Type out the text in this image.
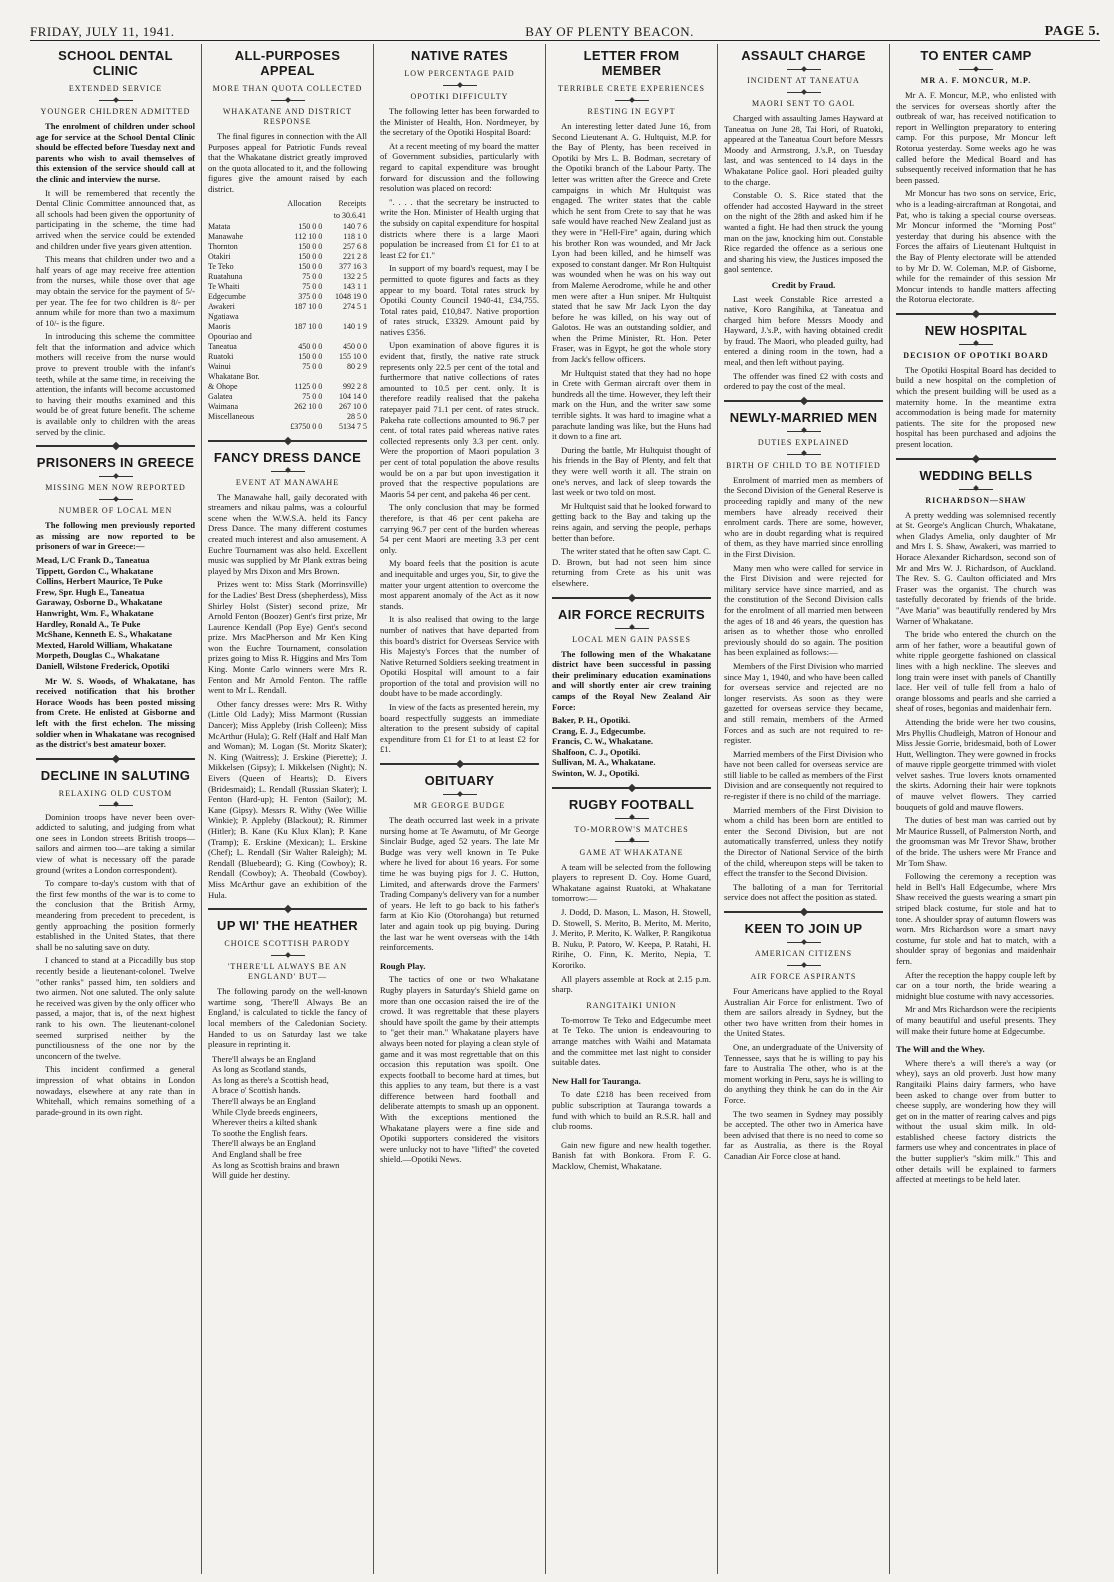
FRIDAY, JULY 11, 1941.	BAY OF PLENTY BEACON.	PAGE 5.
SCHOOL DENTAL CLINIC
EXTENDED SERVICE
YOUNGER CHILDREN ADMITTED

The enrolment of children under school age for service at the School Dental Clinic should be effected before Tuesday next and parents who wish to avail themselves of this extension of the service should call at the clinic and interview the nurse.

It will be remembered that recently the Dental Clinic Committee announced that, as all schools had been given the opportunity of participating in the scheme, the time had arrived when the service could be extended and children under five years given attention.

This means that children under two and a half years of age may receive free attention from the nurses, while those over that age may obtain the service for the payment of 5/- per year. The fee for two children is 8/- per annum while for more than two a maximum of 10/- is the figure.

In introducing this scheme the committee felt that the information and advice which mothers will receive from the nurse would prove to prevent trouble with the infant's teeth, while at the same time, in receiving the attention, the infants will become accustomed to having their mouths examined and this would be of great future benefit. The scheme is available only to children with the areas served by the clinic.

PRISONERS IN GREECE
MISSING MEN NOW REPORTED
NUMBER OF LOCAL MEN

The following men previously reported as missing are now reported to be prisoners of war in Greece:—

Mead, L/C Frank D., Taneatua
Tippett, Gordon C., Whakatane
Collins, Herbert Maurice, Te Puke
Frew, Spr. Hugh E., Taneatua
Garaway, Osborne D., Whakatane
Hanwright, Wm. F., Whakatane
Hardley, Ronald A., Te Puke
McShane, Kenneth E. S., Whakatane
Mexted, Harold William, Whakatane
Morpeth, Douglas C., Whakatane
Daniell, Wilstone Frederick, Opotiki

Mr W. S. Woods, of Whakatane, has received notification that his brother Horace Woods has been posted missing from Crete. He enlisted at Gisborne and left with the first echelon. The missing soldier when in Whakatane was recognised as the district's best amateur boxer.

DECLINE IN SALUTING
RELAXING OLD CUSTOM

Dominion troops have never been over-addicted to saluting, and judging from what one sees in London streets British troops—sailors and airmen too—are taking a similar view of what is necessary off the parade ground (writes a London correspondent).

To compare to-day's custom with that of the first few months of the war is to come to the conclusion that the British Army, meandering from precedent to precedent, is gently approaching the position formerly established in the United States, that there shall be no saluting save on duty.

I chanced to stand at a Piccadilly bus stop recently beside a lieutenant-colonel. Twelve "other ranks" passed him, ten soldiers and two airmen. Not one saluted. The only salute he received was given by the only officer who passed, a major, that is, of the next highest rank to his own. The lieutenant-colonel seemed surprised neither by the punctiliousness of the one nor by the unconcern of the twelve.

This incident confirmed a general impression of what obtains in London nowadays, elsewhere at any rate than in Whitehall, which remains something of a parade-ground in its own right.

ALL-PURPOSES APPEAL
MORE THAN QUOTA COLLECTED
WHAKATANE AND DISTRICT RESPONSE

The final figures in connection with the All Purposes appeal for Patriotic Funds reveal that the Whakatane district greatly improved on the quota allocated to it, and the following figures give the amount raised by each district.

	Allocation	Receipts
		to 30.6.41
Matata	150 0 0	140 7 6
Manawahe	112 10 0	118 1 0
Thornton	150 0 0	257 6 8
Otakiri	150 0 0	221 2 8
Te Teko	150 0 0	377 16 3
Ruatahuna	75 0 0	132 2 5
Te Whaiti	75 0 0	143 1 1
Edgecumbe	375 0 0	1048 19 0
Awakeri	187 10 0	274 5 1
Ngatiawa		
Maoris	187 10 0	140 1 9
Opouriao and		
Taneatua	450 0 0	450 0 0
Ruatoki	150 0 0	155 10 0
Wainui	75 0 0	80 2 9
Whakatane Bor.		
& Ohope	1125 0 0	992 2 8
Galatea	75 0 0	104 14 0
Waimana	262 10 0	267 10 0
Miscellaneous		28 5 0
	£3750 0 0	5134 7 5
FANCY DRESS DANCE
EVENT AT MANAWAHE

The Manawahe hall, gaily decorated with streamers and nikau palms, was a colourful scene when the W.W.S.A. held its Fancy Dress Dance. The many different costumes created much interest and also amusement. A Euchre Tournament was also held. Excellent music was supplied by Mr Plank extras being played by Mrs Dixon and Mrs Brown.

Prizes went to: Miss Stark (Morrinsville) for the Ladies' Best Dress (shepherdess), Miss Shirley Holst (Sister) second prize, Mr Arnold Fenton (Boozer) Gent's first prize, Mr Laurence Kendall (Pop Eye) Gent's second prize. Mrs MacPherson and Mr Ken King won the Euchre Tournament, consolation prizes going to Miss R. Higgins and Mrs Tom King. Monte Carlo winners were Mrs R. Fenton and Mr Arnold Fenton. The raffle went to Mr L. Rendall.

Other fancy dresses were: Mrs R. Withy (Little Old Lady); Miss Marmont (Russian Dancer); Miss Appleby (Irish Colleen); Miss McArthur (Hula); G. Relf (Half and Half Man and Woman); M. Logan (St. Moritz Skater); N. King (Waitress); J. Erskine (Pierette); J. Mikkelsen (Gipsy); I. Mikkelsen (Night); N. Eivers (Queen of Hearts); D. Eivers (Bridesmaid); L. Rendall (Russian Skater); I. Fenton (Hard-up); H. Fenton (Sailor); M. Kane (Gipsy). Messrs R. Withy (Wee Willie Winkie); P. Appleby (Blackout); R. Rimmer (Hitler); B. Kane (Ku Klux Klan); P. Kane (Tramp); E. Erskine (Mexican); L. Erskine (Chef); L. Rendall (Sir Walter Raleigh); M. Rendall (Bluebeard); G. King (Cowboy); R. Rendall (Cowboy); A. Theobald (Cowboy). Miss McArthur gave an exhibition of the Hula.

UP WI' THE HEATHER
CHOICE SCOTTISH PARODY
'THERE'LL ALWAYS BE AN ENGLAND' BUT—

The following parody on the well-known wartime song, 'There'll Always Be an England,' is calculated to tickle the fancy of local members of the Caledonian Society. Handed to us on Saturday last we take pleasure in reprinting it.

There'll always be an England
As long as Scotland stands,
As long as there's a Scottish head,
A brace o' Scottish hands.
There'll always be an England
While Clyde breeds engineers,
Wherever theirs a kilted shank
To soothe the English fears.
There'll always be an England
And England shall be free
As long as Scottish brains and brawn
Will guide her destiny.
NATIVE RATES
LOW PERCENTAGE PAID
OPOTIKI DIFFICULTY

The following letter has been forwarded to the Minister of Health, Hon. Nordmeyer, by the secretary of the Opotiki Hospital Board:

At a recent meeting of my board the matter of Government subsidies, particularly with regard to capital expenditure was brought forward for discussion and the following resolution was placed on record:

". . . . that the secretary be instructed to write the Hon. Minister of Health urging that the subsidy on capital expenditure for hospital districts where there is a large Maori population be increased from £1 for £1 to at least £2 for £1."

In support of my board's request, may I be permitted to quote figures and facts as they appear to my board. Total rates struck by Opotiki County Council 1940-41, £34,755. Total rates paid, £10,847. Native proportion of rates struck, £3329. Amount paid by natives £356.

Upon examination of above figures it is evident that, firstly, the native rate struck represents only 22.5 per cent of the total and furthermore that native collections of rates amounted to 10.5 per cent. only. It is therefore readily realised that the pakeha ratepayer paid 71.1 per cent. of rates struck. Pakeha rate collections amounted to 96.7 per cent. of total rates paid whereas native rates collected represents only 3.3 per cent. only. Were the proportion of Maori population 3 per cent of total population the above results would be on a par but upon investigation it proved that the respective populations are Maoris 54 per cent, and pakeha 46 per cent.

The only conclusion that may be formed therefore, is that 46 per cent pakeha are carrying 96.7 per cent of the burden whereas 54 per cent Maori are meeting 3.3 per cent only.

My board feels that the position is acute and inequitable and urges you, Sir, to give the matter your urgent attention to overcome the most apparent anomaly of the Act as it now stands.

It is also realised that owing to the large number of natives that have departed from this board's district for Overseas Service with His Majesty's Forces that the number of Native Returned Soldiers seeking treatment in Opotiki Hospital will amount to a fair proportion of the total and provision will no doubt have to be made accordingly.

In view of the facts as presented herein, my board respectfully suggests an immediate alteration to the present subsidy of capital expenditure from £1 for £1 to at least £2 for £1.

OBITUARY
MR GEORGE BUDGE

The death occurred last week in a private nursing home at Te Awamutu, of Mr George Sinclair Budge, aged 52 years. The late Mr Budge was very well known in Te Puke where he lived for about 16 years. For some time he was buying pigs for J. C. Hutton, Limited, and afterwards drove the Farmers' Trading Company's delivery van for a number of years. He left to go back to his father's farm at Kio Kio (Otorohanga) but returned later and again took up pig buying. During the last war he went overseas with the 14th reinforcements.

Rough Play.

The tactics of one or two Whakatane Rugby players in Saturday's Shield game on more than one occasion raised the ire of the crowd. It was regrettable that these players should have spoilt the game by their attempts to "get their man." Whakatane players have always been noted for playing a clean style of game and it was most regrettable that on this occasion this reputation was spoilt. One expects football to become hard at times, but this applies to any team, but there is a vast difference between hard football and deliberate attempts to smash up an opponent. With the exceptions mentioned the Whakatane players were a fine side and Opotiki supporters considered the visitors were unlucky not to have "lifted" the coveted shield.—Opotiki News.

LETTER FROM MEMBER
TERRIBLE CRETE EXPERIENCES
RESTING IN EGYPT

An interesting letter dated June 16, from Second Lieutenant A. G. Hultquist, M.P. for the Bay of Plenty, has been received in Opotiki by Mrs L. B. Bodman, secretary of the Opotiki branch of the Labour Party. The letter was written after the Greece and Crete campaigns in which Mr Hultquist was engaged. The writer states that the cable which he sent from Crete to say that he was safe would have reached New Zealand just as they were in "Hell-Fire" again, during which his brother Ron was wounded, and Mr Jack Lyon had been killed, and he himself was exposed to constant danger. Mr Ron Hultquist was wounded when he was on his way out from Maleme Aerodrome, while he and other men were after a Hun sniper. Mr Hultquist stated that he saw Mr Jack Lyon the day before he was killed, on his way out of Galotos. He was an outstanding soldier, and when the Prime Minister, Rt. Hon. Peter Fraser, was in Egypt, he got the whole story from Jack's fellow officers.

Mr Hultquist stated that they had no hope in Crete with German aircraft over them in hundreds all the time. However, they left their mark on the Hun, and the writer saw some terrible sights. It was hard to imagine what a parachute landing was like, but the Huns had it down to a fine art.

During the battle, Mr Hultquist thought of his friends in the Bay of Plenty, and felt that they were well worth it all. The strain on one's nerves, and lack of sleep towards the last week or two told on most.

Mr Hultquist said that he looked forward to getting back to the Bay and taking up the reins again, and serving the people, perhaps better than before.

The writer stated that he often saw Capt. C. D. Brown, but had not seen him since returning from Crete as his unit was elsewhere.

AIR FORCE RECRUITS
LOCAL MEN GAIN PASSES

The following men of the Whakatane district have been successful in passing their preliminary education examinations and will shortly enter air crew training camps of the Royal New Zealand Air Force:

Baker, P. H., Opotiki.
Crang, E. J., Edgecumbe.
Francis, C. W., Whakatane.
Shalfoon, C. J., Opotiki.
Sullivan, M. A., Whakatane.
Swinton, W. J., Opotiki.
RUGBY FOOTBALL
TO-MORROW'S MATCHES
GAME AT WHAKATANE

A team will be selected from the following players to represent D. Coy. Home Guard, Whakatane against Ruatoki, at Whakatane tomorrow:—

J. Dodd, D. Mason, L. Mason, H. Stowell, D. Stowell, S. Merito, B. Merito, M. Merito, J. Merito, P. Merito, K. Walker, P. Rangikotua B. Nuku, P. Patoro, W. Keepa, P. Ratahi, H. Ririhe, O. Finn, K. Merito, Nepia, T. Kororiko.

All players assemble at Rock at 2.15 p.m. sharp.

RANGITAIKI UNION

To-morrow Te Teko and Edgecumbe meet at Te Teko. The union is endeavouring to arrange matches with Waihi and Matamata and the committee met last night to consider suitable dates.

New Hall for Tauranga.

To date £218 has been received from public subscription at Tauranga towards a fund with which to build an R.S.R. hall and club rooms.

Gain new figure and new health together. Banish fat with Bonkora. From F. G. Macklow, Chemist, Whakatane.

ASSAULT CHARGE
INCIDENT AT TANEATUA
MAORI SENT TO GAOL

Charged with assaulting James Hayward at Taneatua on June 28, Tai Hori, of Ruatoki, appeared at the Taneatua Court before Messrs Moody and Armstrong, J.'s.P., on Tuesday last, and was sentenced to 14 days in the Whakatane Police gaol. Hori pleaded guilty to the charge.

Constable O. S. Rice stated that the offender had accosted Hayward in the street on the night of the 28th and asked him if he wanted a fight. He had then struck the young man on the jaw, knocking him out. Constable Rice regarded the offence as a serious one and sharing his view, the Justices imposed the gaol sentence.

Credit by Fraud.

Last week Constable Rice arrested a native, Koro Rangihika, at Taneatua and charged him before Messrs Moody and Hayward, J.'s.P., with having obtained credit by fraud. The Maori, who pleaded guilty, had entered a dining room in the town, had a meal, and then left without paying.

The offender was fined £2 with costs and ordered to pay the cost of the meal.

NEWLY-MARRIED MEN
DUTIES EXPLAINED
BIRTH OF CHILD TO BE NOTIFIED

Enrolment of married men as members of the Second Division of the General Reserve is proceeding rapidly and many of the new members have already received their enrolment cards. There are some, however, who are in doubt regarding what is required of them, as they have married since enrolling in the First Division.

Many men who were called for service in the First Division and were rejected for military service have since married, and as the constitution of the Second Division calls for the enrolment of all married men between the ages of 18 and 46 years, the question has arisen as to whether those who enrolled previously should do so again. The position has been explained as follows:—

Members of the First Division who married since May 1, 1940, and who have been called for overseas service and rejected are no longer reservists. As soon as they were gazetted for overseas service they became, and still remain, members of the Armed Forces and as such are not required to re-register.

Married members of the First Division who have not been called for overseas service are still liable to be called as members of the First Division and are consequently not required to re-register if there is no child of the marriage.

Married members of the First Division to whom a child has been born are entitled to enter the Second Division, but are not automatically transferred, unless they notify the Director of National Service of the birth of the child, whereupon steps will be taken to effect the transfer to the Second Division.

The balloting of a man for Territorial service does not affect the position as stated.

KEEN TO JOIN UP
AMERICAN CITIZENS
AIR FORCE ASPIRANTS

Four Americans have applied to the Royal Australian Air Force for enlistment. Two of them are sailors already in Sydney, but the other two have written from their homes in the United States.

One, an undergraduate of the University of Tennessee, says that he is willing to pay his fare to Australia The other, who is at the moment working in Peru, says he is willing to do anything they think he can do in the Air Force.

The two seamen in Sydney may possibly be accepted. The other two in America have been advised that there is no need to come so far as Australia, as there is the Royal Canadian Air Force close at hand.

TO ENTER CAMP
MR A. F. MONCUR, M.P.

Mr A. F. Moncur, M.P., who enlisted with the services for overseas shortly after the outbreak of war, has received notification to report in Wellington preparatory to entering camp. For this purpose, Mr Moncur left Rotorua yesterday. Some weeks ago he was called before the Medical Board and has subsequently received information that he has been passed.

Mr Moncur has two sons on service, Eric, who is a leading-aircraftman at Rongotai, and Pat, who is taking a special course overseas. Mr Moncur informed the "Morning Post" yesterday that during his absence with the Forces the affairs of Lieutenant Hultquist in the Bay of Plenty electorate will be attended to by Mr D. W. Coleman, M.P. of Gisborne, while for the remainder of this session Mr Moncur intends to handle matters affecting the Rotorua electorate.

NEW HOSPITAL
DECISION OF OPOTIKI BOARD

The Opotiki Hospital Board has decided to build a new hospital on the completion of which the present building will be used as a maternity home. In the meantime extra accommodation is being made for maternity patients. The site for the proposed new hospital has been purchased and adjoins the present location.

WEDDING BELLS
RICHARDSON—SHAW

A pretty wedding was solemnised recently at St. George's Anglican Church, Whakatane, when Gladys Amelia, only daughter of Mr and Mrs I. S. Shaw, Awakeri, was married to Horace Alexander Richardson, second son of Mr and Mrs W. J. Richardson, of Auckland. The Rev. S. G. Caulton officiated and Mrs Fraser was the organist. The church was tastefully decorated by friends of the bride. "Ave Maria" was beautifully rendered by Mrs Warner of Whakatane.

The bride who entered the church on the arm of her father, wore a beautiful gown of white ripple georgette fashioned on classical lines with a high neckline. The sleeves and long train were inset with panels of Chantilly lace. Her veil of tulle fell from a halo of orange blossoms and pearls and she carried a sheaf of roses, begonias and maidenhair fern.

Attending the bride were her two cousins, Mrs Phyllis Chudleigh, Matron of Honour and Miss Jessie Gorrie, bridesmaid, both of Lower Hutt, Wellington. They were gowned in frocks of mauve ripple georgette trimmed with violet velvet sashes. True lovers knots ornamented the skirts. Adorning their hair were topknots of mauve velvet flowers. They carried bouquets of gold and mauve flowers.

The duties of best man was carried out by Mr Maurice Russell, of Palmerston North, and the groomsman was Mr Trevor Shaw, brother of the bride. The ushers were Mr France and Mr Tom Shaw.

Following the ceremony a reception was held in Bell's Hall Edgecumbe, where Mrs Shaw received the guests wearing a smart pin striped black costume, fur stole and hat to tone. A shoulder spray of autumn flowers was worn. Mrs Richardson wore a smart navy costume, fur stole and hat to match, with a shoulder spray of begonias and maidenhair fern.

After the reception the happy couple left by car on a tour north, the bride wearing a midnight blue costume with navy accessories.

Mr and Mrs Richardson were the recipients of many beautiful and useful presents. They will make their future home at Edgecumbe.

The Will and the Whey.

Where there's a will there's a way (or whey), says an old proverb. Just how many Rangitaiki Plains dairy farmers, who have been asked to change over from butter to cheese supply, are wondering how they will get on in the matter of rearing calves and pigs without the usual skim milk. In old-established cheese factory districts the farmers use whey and concentrates in place of the butter supplier's "skim milk." This and other details will be explained to farmers affected at meetings to be held later.
